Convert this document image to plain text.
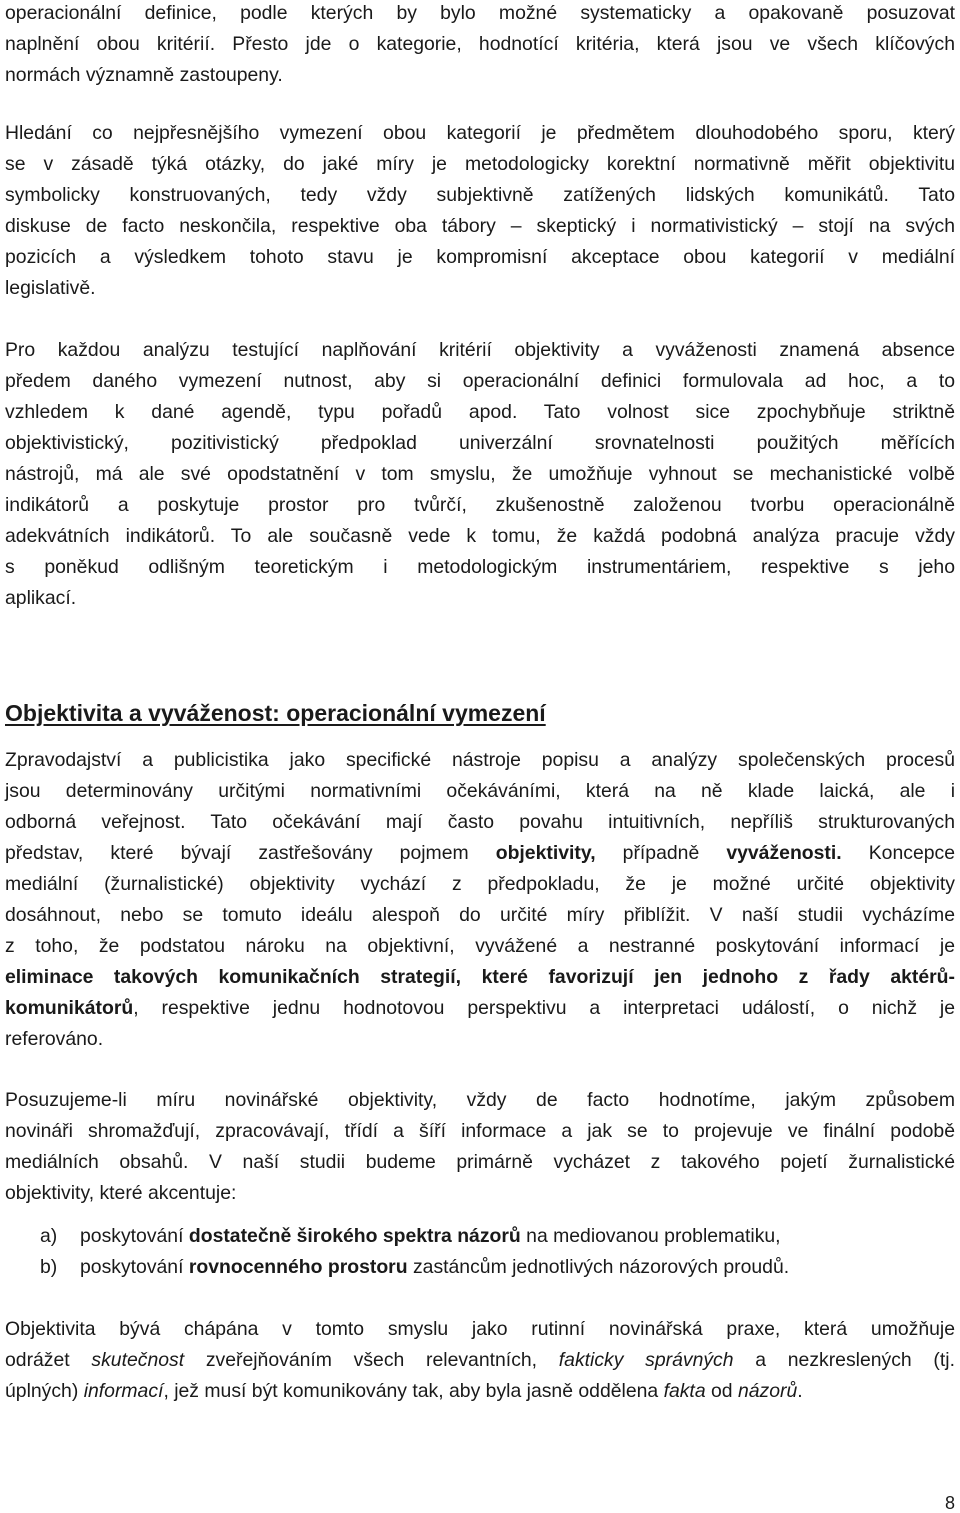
operacionální definice, podle kterých by bylo možné systematicky a opakovaně posuzovat
naplnění obou kritérií. Přesto jde o kategorie, hodnotící kritéria, která jsou ve všech klíčových
normách významně zastoupeny.
Hledání co nejpřesnějšího vymezení obou kategorií je předmětem dlouhodobého sporu, který
se v zásadě týká otázky, do jaké míry je metodologicky korektní normativně měřit objektivitu
symbolicky konstruovaných, tedy vždy subjektivně zatížených lidských komunikátů. Tato
diskuse de facto neskončila, respektive oba tábory – skeptický i normativistický – stojí na svých
pozicích a výsledkem tohoto stavu je kompromisní akceptace obou kategorií v mediální
legislativě.
Pro každou analýzu testující naplňování kritérií objektivity a vyváženosti znamená absence
předem daného vymezení nutnost, aby si operacionální definici formulovala ad hoc, a to
vzhledem k dané agendě, typu pořadů apod. Tato volnost sice zpochybňuje striktně
objektivistický, pozitivistický předpoklad univerzální srovnatelnosti použitých měřících
nástrojů, má ale své opodstatnění v tom smyslu, že umožňuje vyhnout se mechanistické volbě
indikátorů a poskytuje prostor pro tvůrčí, zkušenostně založenou tvorbu operacionálně
adekvátních indikátorů. To ale současně vede k tomu, že každá podobná analýza pracuje vždy
s poněkud odlišným teoretickým i metodologickým instrumentáriem, respektive s jeho
aplikací.
Objektivita a vyváženost: operacionální vymezení
Zpravodajství a publicistika jako specifické nástroje popisu a analýzy společenských procesů
jsou determinovány určitými normativními očekáváními, která na ně klade laická, ale i
odborná veřejnost. Tato očekávání mají často povahu intuitivních, nepříliš strukturovaných
představ, které bývají zastřešovány pojmem objektivity, případně vyváženosti. Koncepce
mediální (žurnalistické) objektivity vychází z předpokladu, že je možné určité objektivity
dosáhnout, nebo se tomuto ideálu alespoň do určité míry přiblížit. V naší studii vycházíme
z toho, že podstatou nároku na objektivní, vyvážené a nestranné poskytování informací je
eliminace takových komunikačních strategií, které favorizují jen jednoho z řady aktérů-
komunikátorů, respektive jednu hodnotovou perspektivu a interpretaci událostí, o nichž je
referováno.
Posuzujeme-li míru novinářské objektivity, vždy de facto hodnotíme, jakým způsobem
novináři shromažďují, zpracovávají, třídí a šíří informace a jak se to projevuje ve finální podobě
mediálních obsahů. V naší studii budeme primárně vycházet z takového pojetí žurnalistické
objektivity, které akcentuje:
a) poskytování dostatečně širokého spektra názorů na mediovanou problematiku,
b) poskytování rovnocenného prostoru zastáncům jednotlivých názorových proudů.
Objektivita bývá chápána v tomto smyslu jako rutinní novinářská praxe, která umožňuje
odrážet skutečnost zveřejňováním všech relevantních, fakticky správných a nezkreslených (tj.
úplných) informací, jež musí být komunikovány tak, aby byla jasně oddělena fakta od názorů.
8
